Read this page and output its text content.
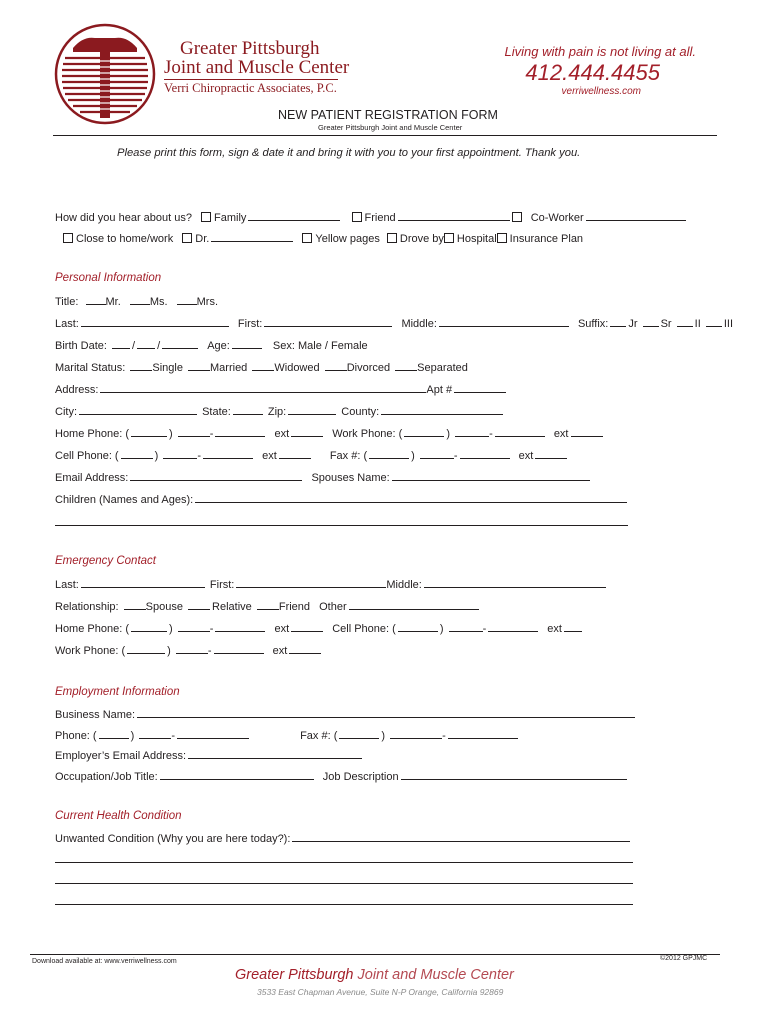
Greater Pittsburgh
Joint and Muscle Center
Verri Chiropractic Associates, P.C.
Living with pain is not living at all.
412.444.4455
verriwellness.com
NEW PATIENT REGISTRATION FORM
Greater Pittsburgh Joint and Muscle Center
Please print this form, sign & date it and bring it with you to your first appointment. Thank you.
How did you hear about us? Family	Friend	Co-Worker
Close to home/work Dr.	Yellow pages Drove by Hospital Insurance Plan
Personal Information
Title: Mr.	Ms.	Mrs.
Last:	First:	Middle:	Suffix: Jr Sr II III
Birth Date: / /	Age:	Sex: Male / Female
Marital Status: Single Married Widowed Divorced Separated
Address:	Apt #
City:	State:	Zip:	County:
Home Phone: (	)	-	ext	Work Phone: (	)	-	ext
Cell Phone: (	)	-	ext	Fax #: (	)	-	ext
Email Address:	Spouses Name:
Children (Names and Ages):
Emergency Contact
Last:	First:	Middle:
Relationship: Spouse	Relative Friend Other
Home Phone: (	)	-	ext	Cell Phone: (	)	-	ext
Work Phone: (	)	-	ext
Employment Information
Business Name:
Phone: (	)	-	Fax #: (	)	-
Employer’s Email Address:
Occupation/Job Title:	Job Description
Current Health Condition
Unwanted Condition (Why you are here today?):
Download available at: www.verriwellness.com	©2012 GPJMC
Greater Pittsburgh Joint and Muscle Center
3533 East Chapman Avenue, Suite N-P Orange, California 92869
